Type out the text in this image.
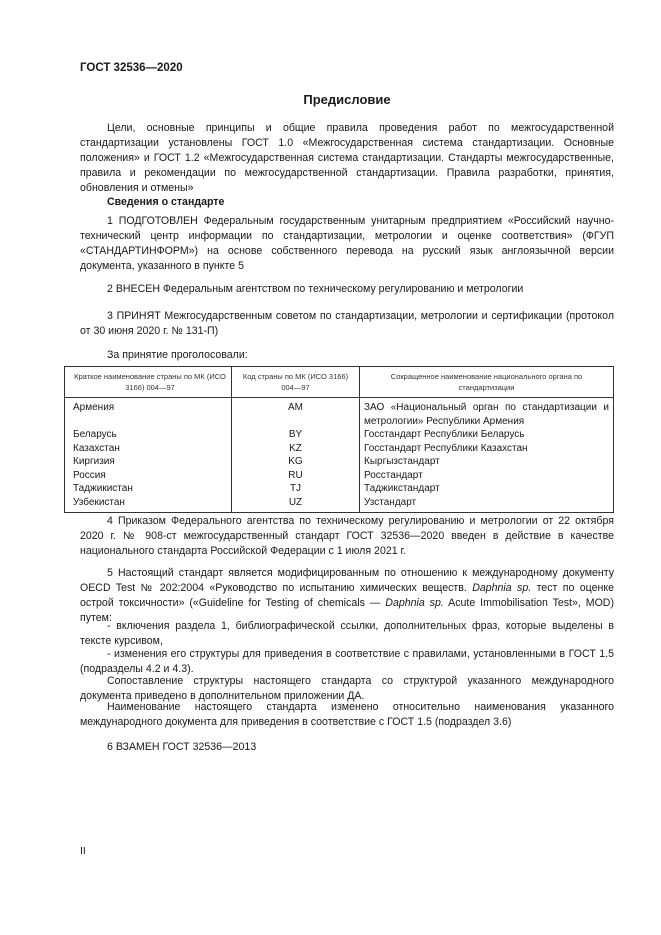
ГОСТ 32536—2020
Предисловие

Цели, основные принципы и общие правила проведения работ по межгосударственной стандартизации установлены ГОСТ 1.0 «Межгосударственная система стандартизации. Основные положения» и ГОСТ 1.2 «Межгосударственная система стандартизации. Стандарты межгосударственные, правила и рекомендации по межгосударственной стандартизации. Правила разработки, принятия, обновления и отмены»

Сведения о стандарте

1 ПОДГОТОВЛЕН Федеральным государственным унитарным предприятием «Российский научно-технический центр информации по стандартизации, метрологии и оценке соответствия» (ФГУП «СТАНДАРТИНФОРМ») на основе собственного перевода на русский язык англоязычной версии документа, указанного в пункте 5

2 ВНЕСЕН Федеральным агентством по техническому регулированию и метрологии

3 ПРИНЯТ Межгосударственным советом по стандартизации, метрологии и сертификации (протокол от 30 июня 2020 г. № 131-П)

За принятие проголосовали:
Краткое наименование страны по МК (ИСО 3166) 004—97	Код страны по МК (ИСО 3166) 004—97	Сокращенное наименование национального органа по стандартизации
Армения	AM	ЗАО «Национальный орган по стандартизации и метрологии» Республики Армения
Беларусь	BY	Госстандарт Республики Беларусь
Казахстан	KZ	Госстандарт Республики Казахстан
Киргизия	KG	Кыргызстандарт
Россия	RU	Росстандарт
Таджикистан	TJ	Таджикстандарт
Узбекистан	UZ	Узстандарт

4 Приказом Федерального агентства по техническому регулированию и метрологии от 22 октября 2020 г. № 908-ст межгосударственный стандарт ГОСТ 32536—2020 введен в действие в качестве национального стандарта Российской Федерации с 1 июля 2021 г.

5 Настоящий стандарт является модифицированным по отношению к международному документу OECD Test № 202:2004 «Руководство по испытанию химических веществ. Daphnia sp. тест по оценке острой токсичности» («Guideline for Testing of chemicals — Daphnia sp. Acute Immobilisation Test», MOD) путем:

- включения раздела 1, библиографической ссылки, дополнительных фраз, которые выделены в тексте курсивом,

- изменения его структуры для приведения в соответствие с правилами, установленными в ГОСТ 1.5 (подразделы 4.2 и 4.3).

Сопоставление структуры настоящего стандарта со структурой указанного международного документа приведено в дополнительном приложении ДА.

Наименование настоящего стандарта изменено относительно наименования указанного международного документа для приведения в соответствие с ГОСТ 1.5 (подраздел 3.6)

6 ВЗАМЕН ГОСТ 32536—2013

II
